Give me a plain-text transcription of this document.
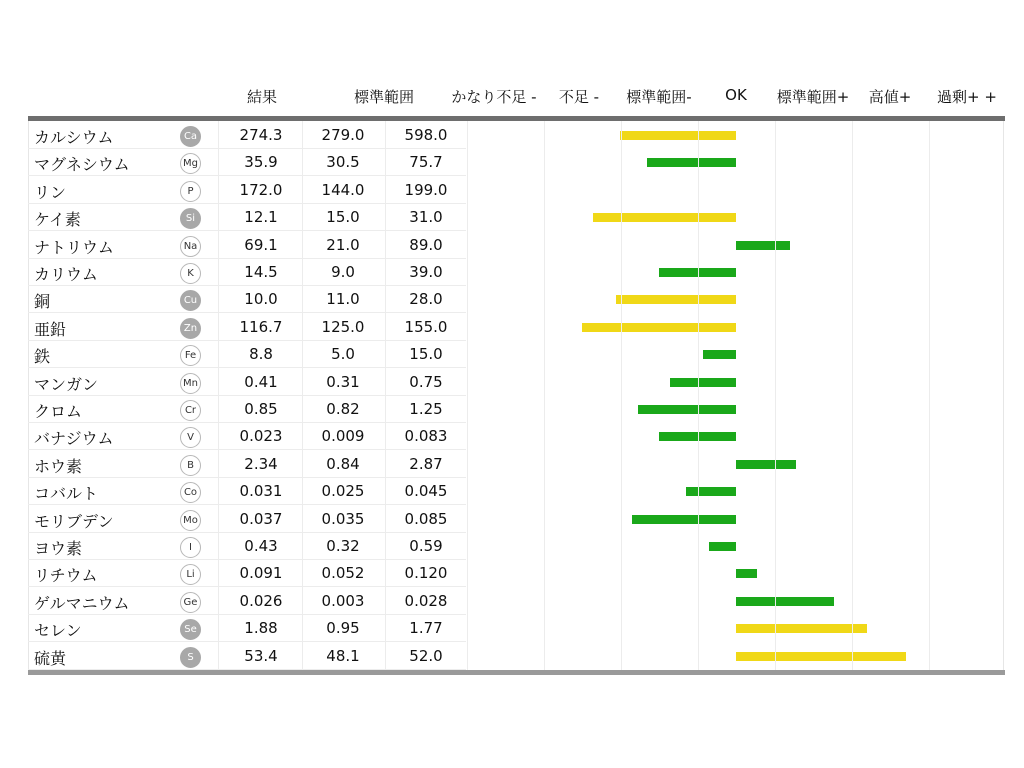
結果	標準範囲 かなり不足 - 不足 - 標準範囲- OK 標準範囲+ 高値+ 過剰+ +
カルシウム	Ca	274.3	279.0	598.0
マグネシウム	Mg	35.9	30.5	75.7
リン	P	172.0	144.0	199.0
ケイ素	Si	12.1	15.0	31.0
ナトリウム	Na	69.1	21.0	89.0
カリウム	K	14.5	9.0	39.0
銅	Cu	10.0	11.0	28.0
亜鉛	Zn	116.7	125.0	155.0
鉄	Fe	8.8	5.0	15.0
マンガン	Mn	0.41	0.31	0.75
クロム	Cr	0.85	0.82	1.25
バナジウム	V	0.023	0.009	0.083
ホウ素	B	2.34	0.84	2.87
コバルト	Co	0.031	0.025	0.045
モリブデン	Mo	0.037	0.035	0.085
ヨウ素	I	0.43	0.32	0.59
リチウム	Li	0.091	0.052	0.120
ゲルマニウム	Ge	0.026	0.003	0.028
セレン	Se	1.88	0.95	1.77
硫黄	S	53.4	48.1	52.0
